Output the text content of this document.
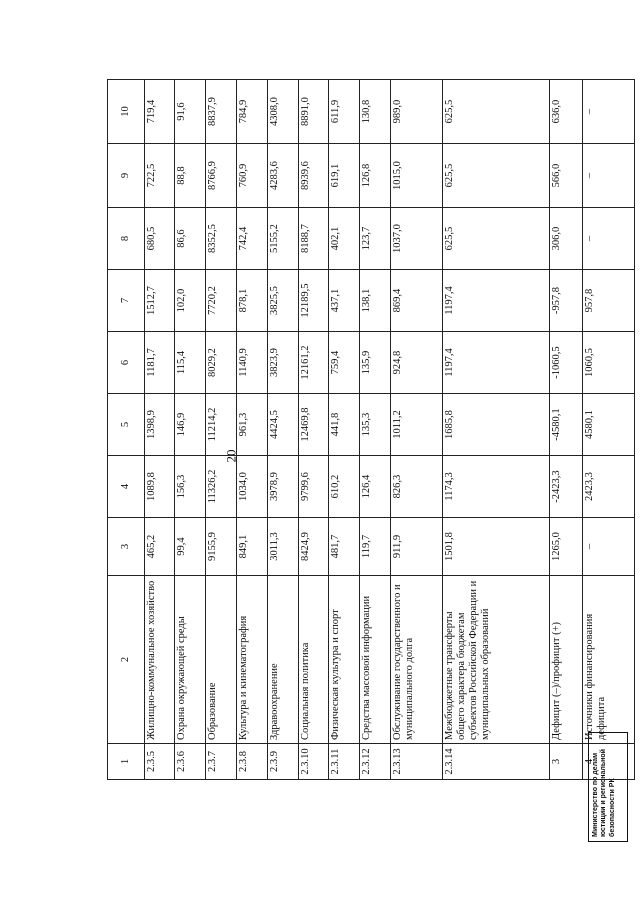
20
1	2	3	4	5	6	7	8	9	10
2.3.5	Жилищно-коммунальное хозяйство	465,2	1089,8	1398,9	1181,7	1512,7	680,5	722,5	719,4
2.3.6	Охрана окружающей среды	99,4	156,3	146,9	115,4	102,0	86,6	88,8	91,6
2.3.7	Образование	9155,9	11326,2	11214,2	8029,2	7720,2	8352,5	8766,9	8837,9
2.3.8	Культура и кинематография	849,1	1034,0	961,3	1140,9	878,1	742,4	760,9	784,9
2.3.9	Здравоохранение	3011,3	3978,9	4424,5	3823,9	3825,5	5155,2	4283,6	4308,0
2.3.10	Социальная политика	8424,9	9799,6	12469,8	12161,2	12189,5	8188,7	8939,6	8891,0
2.3.11	Физическая культура и спорт	481,7	610,2	441,8	759,4	437,1	402,1	619,1	611,9
2.3.12	Средства массовой информации	119,7	126,4	135,3	135,9	138,1	123,7	126,8	130,8
2.3.13	Обслуживание государственного и муниципального долга	911,9	826,3	1011,2	924,8	869,4	1037,0	1015,0	989,0
2.3.14	Межбюджетные трансферты общего характера бюджетам субъектов Российской Федерации и муниципальных образований	1501,8	1174,3	1685,8	1197,4	1197,4	625,5	625,5	625,5
3	Дефицит (–)/профицит (+)	1265,0	-2423,3	-4580,1	-1060,5	-957,8	306,0	566,0	636,0
4	Источники финансирования дефицита	–	2423,3	4580,1	1060,5	957,8	–	–	–
Министерство по делам юстиции и региональной безопасности РК
